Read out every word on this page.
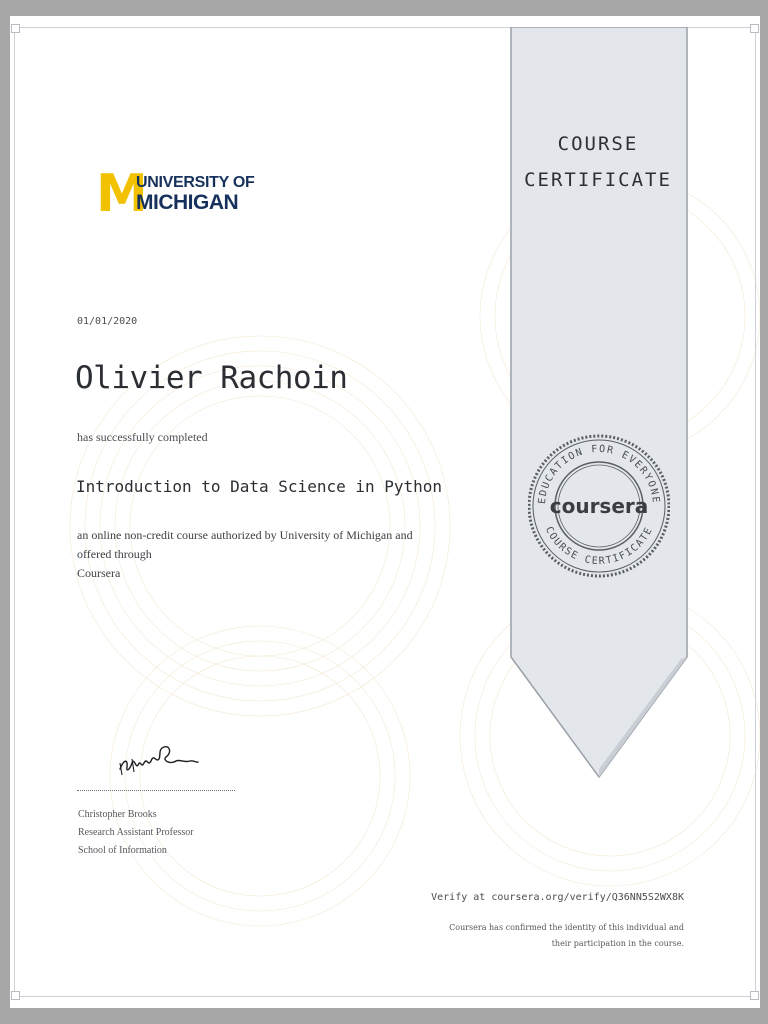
COURSE
CERTIFICATE
EDUCATION FOR EVERYONE
COURSE CERTIFICATE
coursera
M
UNIVERSITY OF
MICHIGAN
01/01/2020
Olivier Rachoin
has successfully completed
Introduction to Data Science in Python
an online non-credit course authorized by University of Michigan and offered through
Coursera
Christopher Brooks
Research Assistant Professor
School of Information
Verify at coursera.org/verify/Q36NN5S2WX8K
Coursera has confirmed the identity of this individual and
their participation in the course.
